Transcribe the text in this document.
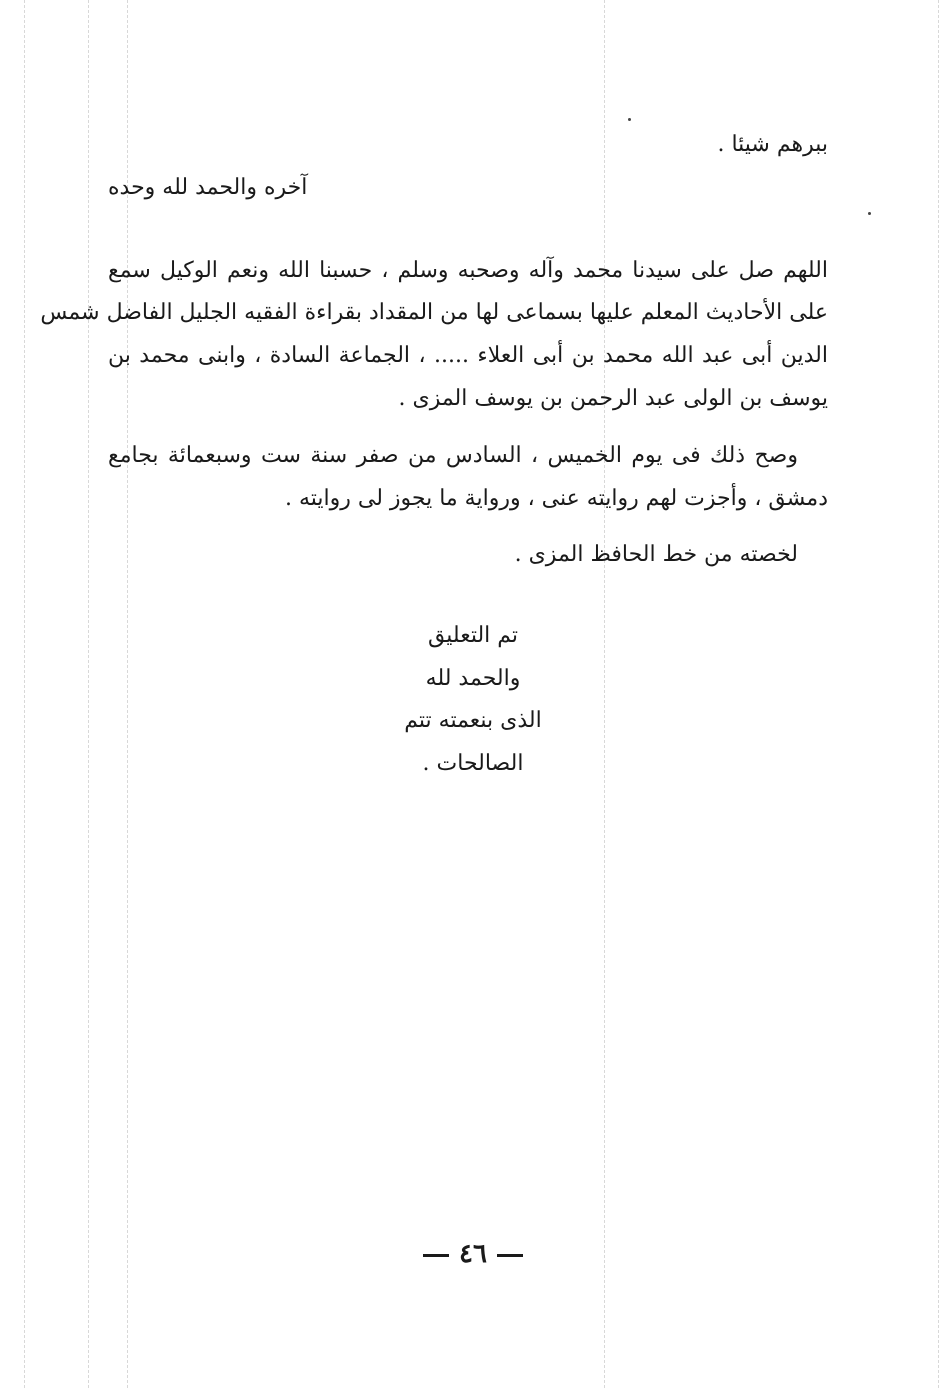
ببرهم شيئا .
آخره والحمد لله وحده
اللهم صل على سيدنا محمد وآله وصحبه وسلم ، حسبنا الله ونعم الوكيل سمع
على الأحاديث المعلم عليها بسماعى لها من المقداد بقراءة الفقيه الجليل الفاضل شمس
الدين أبى عبد الله محمد بن أبى العلاء ..... ، الجماعة السادة ، وابنى محمد بن
يوسف بن الولى عبد الرحمن بن يوسف المزى .
وصح ذلك فى يوم الخميس ، السادس من صفر سنة ست وسبعمائة بجامع
دمشق ، وأجزت لهم روايته عنى ، ورواية ما يجوز لى روايته .
لخصته من خط الحافظ المزى .
تم التعليق
والحمد لله
الذى بنعمته تتم
الصالحات .
٤٦
